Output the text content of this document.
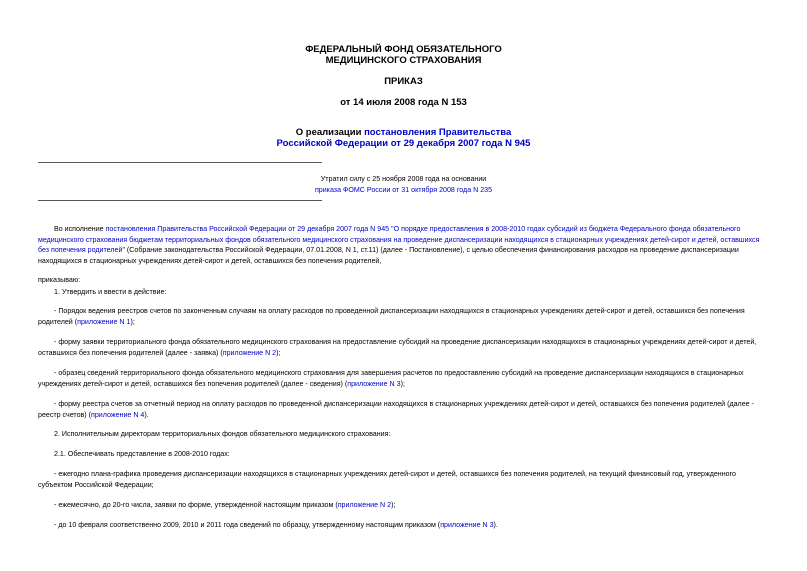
ФЕДЕРАЛЬНЫЙ ФОНД ОБЯЗАТЕЛЬНОГО
МЕДИЦИНСКОГО СТРАХОВАНИЯ
ПРИКАЗ
от 14 июля 2008 года N 153
О реализации постановления Правительства
Российской Федерации от 29 декабря 2007 года N 945
Утратил силу с 25 ноября 2008 года на основании
приказа ФОМС России от 31 октября 2008 года N 235
Во исполнение постановления Правительства Российской Федерации от 29 декабря 2007 года N 945 "О порядке предоставления в 2008-2010 годах субсидий из бюджета Федерального фонда обязательного
медицинского страхования бюджетам территориальных фондов обязательного медицинского страхования на проведение диспансеризации находящихся в стационарных учреждениях детей-сирот и детей, оставшихся
без попечения родителей" (Собрание законодательства Российской Федерации, 07.01.2008, N 1, ст.11) (далее - Постановление), с целью обеспечения финансирования расходов на проведение диспансеризации
находящихся в стационарных учреждениях детей-сирот и детей, оставшихся без попечения родителей,
приказываю:
1. Утвердить и ввести в действие:
- Порядок ведения реестров счетов по законченным случаям на оплату расходов по проведенной диспансеризации находящихся в стационарных учреждениях детей-сирот и детей, оставшихся без попечения
родителей (приложение N 1);
- форму заявки территориального фонда обязательного медицинского страхования на предоставление субсидий на проведение диспансеризации находящихся в стационарных учреждениях детей-сирот и детей,
оставшихся без попечения родителей (далее - заявка) (приложение N 2);
- образец сведений территориального фонда обязательного медицинского страхования для завершения расчетов по предоставлению субсидий на проведение диспансеризации находящихся в стационарных
учреждениях детей-сирот и детей, оставшихся без попечения родителей (далее - сведения) (приложение N 3);
- форму реестра счетов за отчетный период на оплату расходов по проведенной диспансеризации находящихся в стационарных учреждениях детей-сирот и детей, оставшихся без попечения родителей (далее -
реестр счетов) (приложение N 4).
2. Исполнительным директорам территориальных фондов обязательного медицинского страхования:
2.1. Обеспечивать представление в 2008-2010 годах:
- ежегодно плана-графика проведения диспансеризации находящихся в стационарных учреждениях детей-сирот и детей, оставшихся без попечения родителей, на текущий финансовый год, утвержденного
субъектом Российской Федерации;
- ежемесячно, до 20-го числа, заявки по форме, утвержденной настоящим приказом (приложение N 2);
- до 10 февраля соответственно 2009, 2010 и 2011 года сведений по образцу, утвержденному настоящим приказом (приложение N 3).
